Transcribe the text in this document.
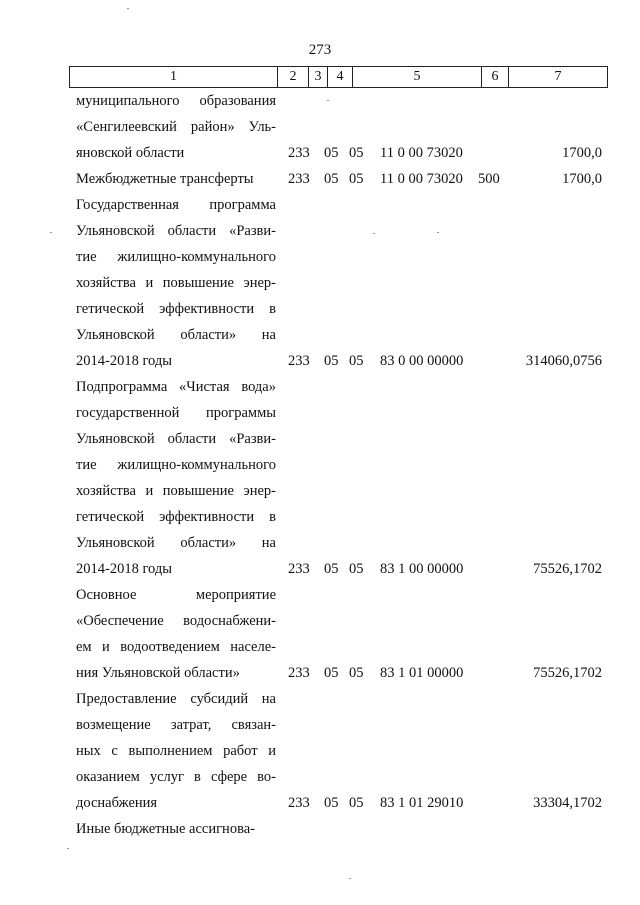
273
1	2	3	4	5	6	7
муниципального образования
«Сенгилеевский район» Уль-
яновской области	233 05 05 11 0 00 73020	1700,0
Межбюджетные трансферты	233 05 05 11 0 00 73020 500	1700,0
Государственная программа
Ульяновской области «Разви-
тие жилищно-коммунального
хозяйства и повышение энер-
гетической эффективности в
Ульяновской области» на
2014-2018 годы	233 05 05 83 0 00 00000	314060,0756
Подпрограмма «Чистая вода»
государственной программы
Ульяновской области «Разви-
тие жилищно-коммунального
хозяйства и повышение энер-
гетической эффективности в
Ульяновской области» на
2014-2018 годы	233 05 05 83 1 00 00000	75526,1702
Основное мероприятие
«Обеспечение водоснабжени-
ем и водоотведением населе-
ния Ульяновской области»	233 05 05 83 1 01 00000	75526,1702
Предоставление субсидий на
возмещение затрат, связан-
ных с выполнением работ и
оказанием услуг в сфере во-
доснабжения	233 05 05 83 1 01 29010	33304,1702
Иные бюджетные ассигнова-
